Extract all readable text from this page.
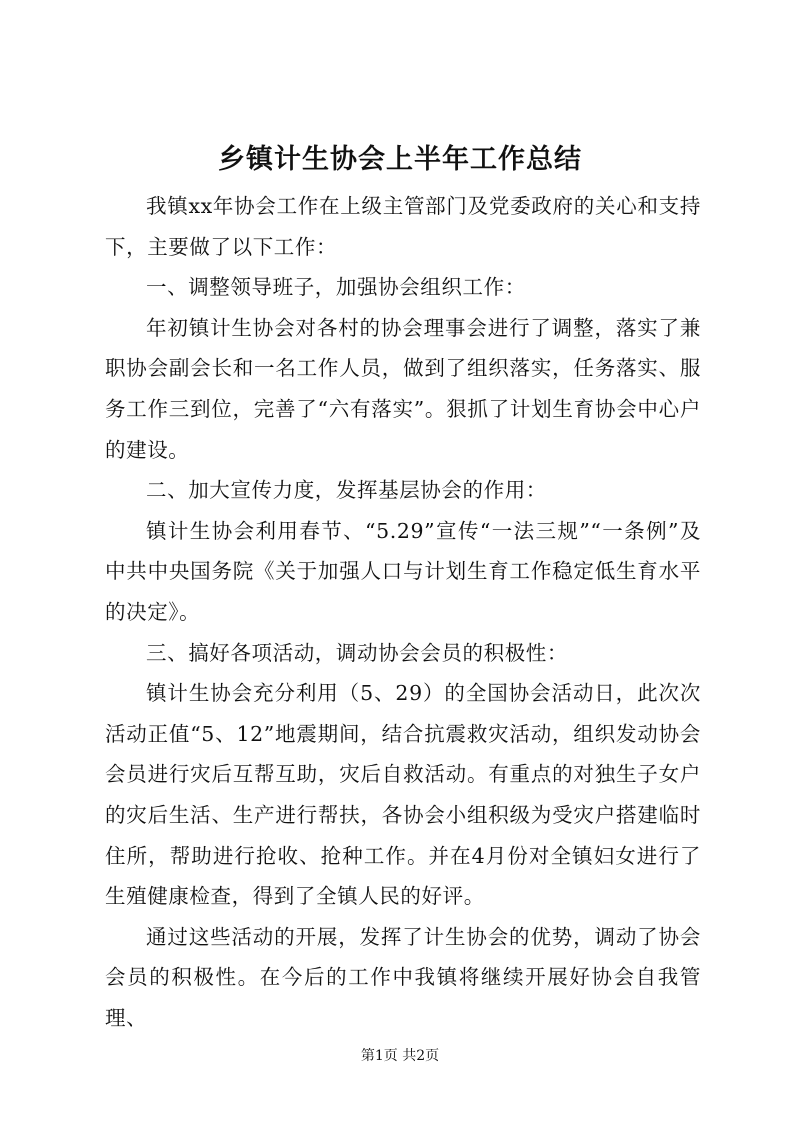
乡镇计生协会上半年工作总结

我镇xx年协会工作在上级主管部门及党委政府的关心和支持下，主要做了以下工作：

一、调整领导班子，加强协会组织工作：

年初镇计生协会对各村的协会理事会进行了调整，落实了兼职协会副会长和一名工作人员，做到了组织落实，任务落实、服务工作三到位，完善了“六有落实”。狠抓了计划生育协会中心户的建设。

二、加大宣传力度，发挥基层协会的作用：

镇计生协会利用春节、“5.29”宣传“一法三规”“一条例”及中共中央国务院《关于加强人口与计划生育工作稳定低生育水平的决定》。

三、搞好各项活动，调动协会会员的积极性：

镇计生协会充分利用（5、29）的全国协会活动日，此次次活动正值“5、12”地震期间，结合抗震救灾活动，组织发动协会会员进行灾后互帮互助，灾后自救活动。有重点的对独生子女户的灾后生活、生产进行帮扶，各协会小组积级为受灾户搭建临时住所，帮助进行抢收、抢种工作。并在4月份对全镇妇女进行了生殖健康检查，得到了全镇人民的好评。

通过这些活动的开展，发挥了计生协会的优势，调动了协会会员的积极性。在今后的工作中我镇将继续开展好协会自我管理、

第1页 共2页
